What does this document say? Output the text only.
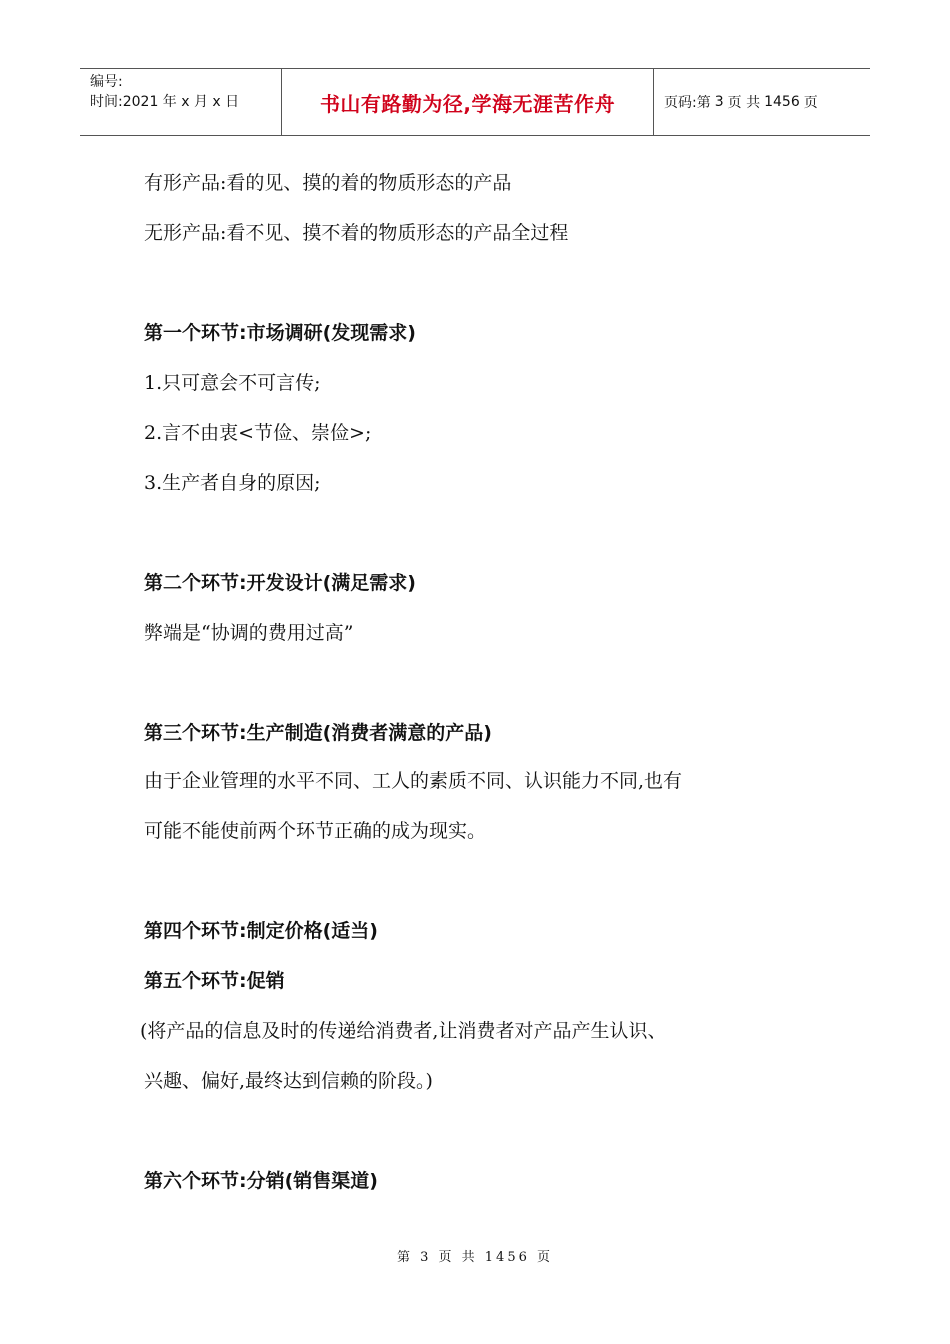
编号:
时间:2021 年 x 月 x 日	书山有路勤为径,学海无涯苦作舟	页码:第 3 页 共 1456 页
有形产品:看的见、摸的着的物质形态的产品
无形产品:看不见、摸不着的物质形态的产品全过程
第一个环节:市场调研(发现需求)
1.只可意会不可言传;
2.言不由衷<节俭、崇俭>;
3.生产者自身的原因;
第二个环节:开发设计(满足需求)
弊端是“协调的费用过高”
第三个环节:生产制造(消费者满意的产品)
由于企业管理的水平不同、工人的素质不同、认识能力不同,也有
可能不能使前两个环节正确的成为现实。
第四个环节:制定价格(适当)
第五个环节:促销
(将产品的信息及时的传递给消费者,让消费者对产品产生认识、
兴趣、偏好,最终达到信赖的阶段。)
第六个环节:分销(销售渠道)
第 3 页 共 1456 页
